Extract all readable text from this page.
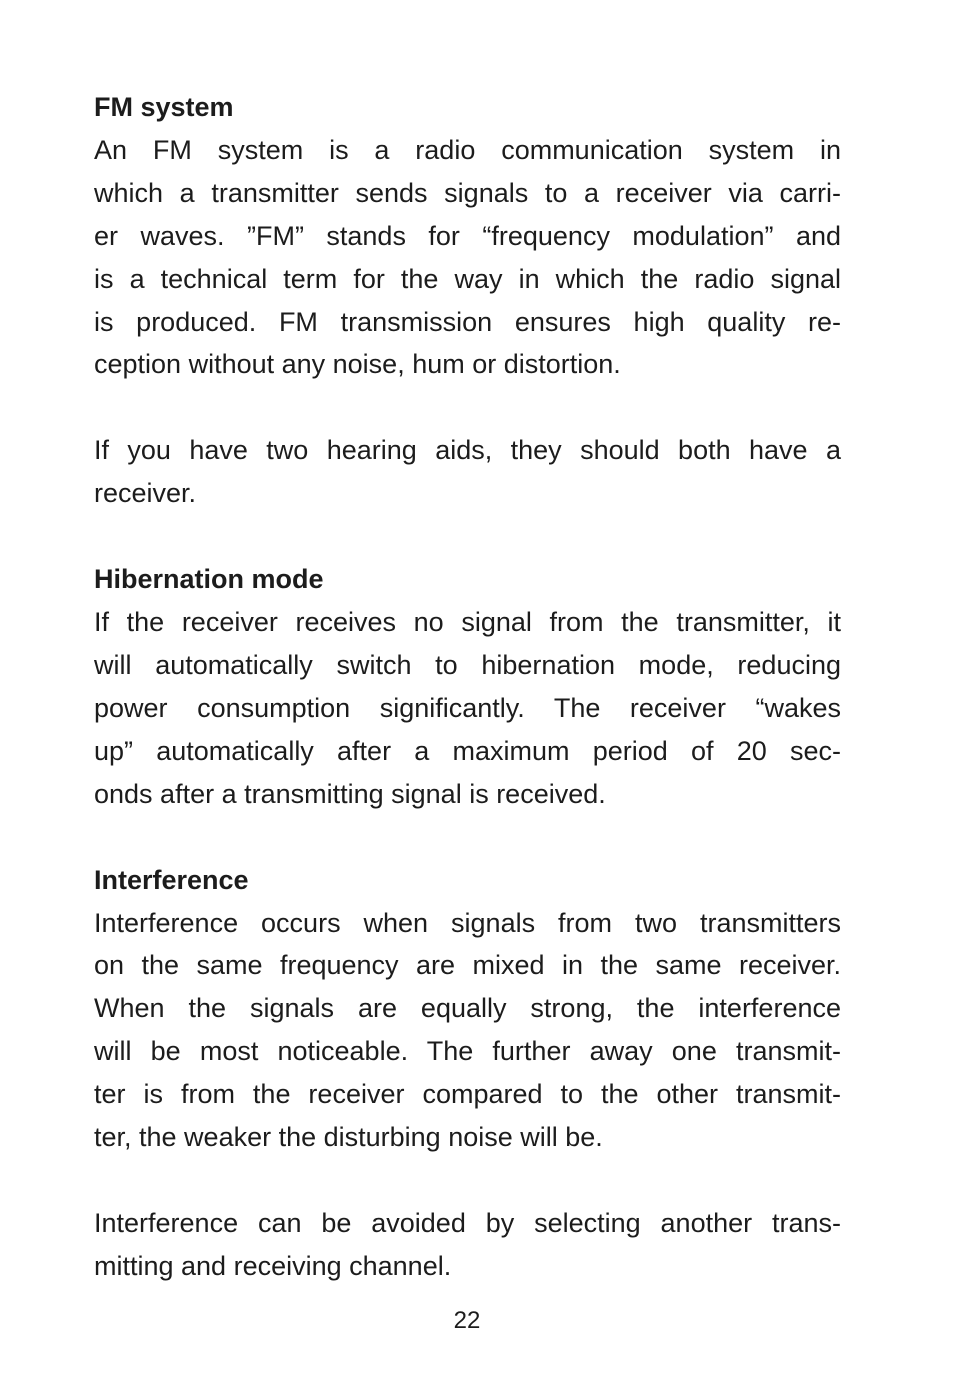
FM system
An FM system is a radio communication system in
which a transmitter sends signals to a receiver via carri-
er waves. ”FM” stands for “frequency modulation” and
is a technical term for the way in which the radio signal
is produced. FM transmission ensures high quality re-
ception without any noise, hum or distortion.
If you have two hearing aids, they should both have a
receiver.
Hibernation mode
If the receiver receives no signal from the transmitter, it
will automatically switch to hibernation mode, reducing
power consumption significantly. The receiver “wakes
up” automatically after a maximum period of 20 sec-
onds after a transmitting signal is received.
Interference
Interference occurs when signals from two transmitters
on the same frequency are mixed in the same receiver.
When the signals are equally strong, the interference
will be most noticeable. The further away one transmit-
ter is from the receiver compared to the other transmit-
ter, the weaker the disturbing noise will be.
Interference can be avoided by selecting another trans-
mitting and receiving channel.
22
